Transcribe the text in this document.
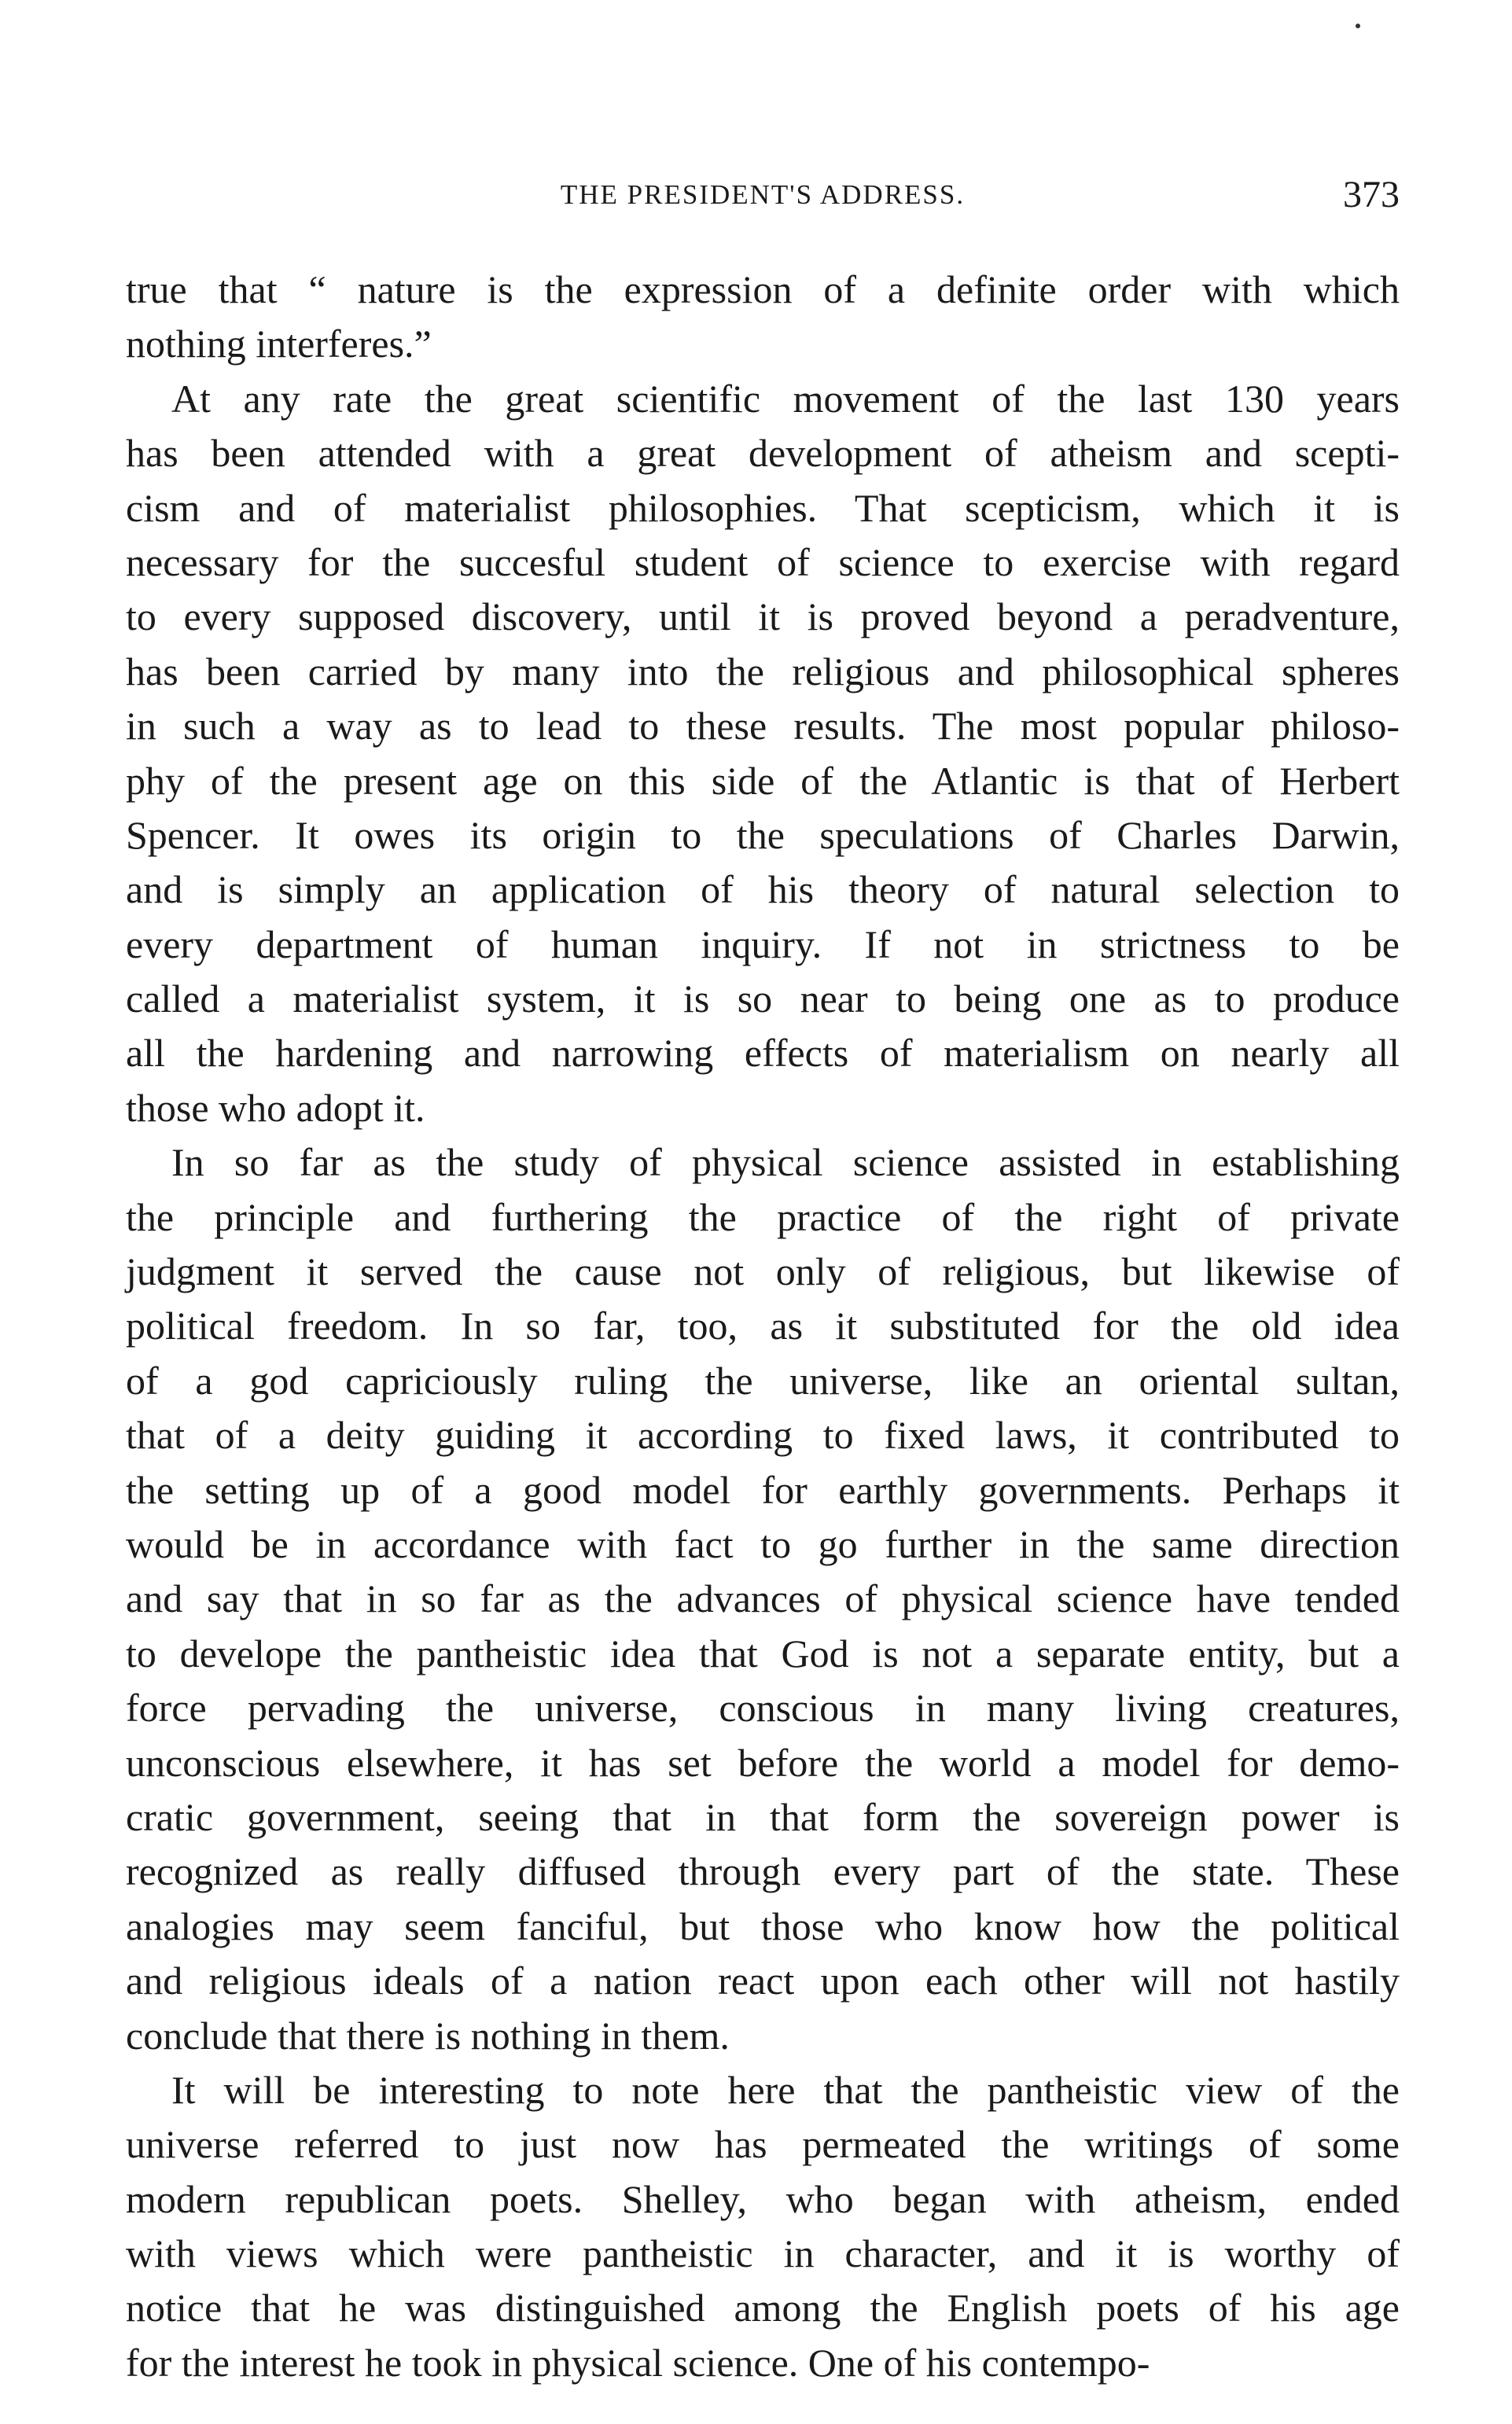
THE PRESIDENT'S ADDRESS.	373
true that “ nature is the expression of a definite order with which
nothing interferes.”
At any rate the great scientific movement of the last 130 years
has been attended with a great development of atheism and scepti-
cism and of materialist philosophies. That scepticism, which it is
necessary for the succesful student of science to exercise with regard
to every supposed discovery, until it is proved beyond a peradventure,
has been carried by many into the religious and philosophical spheres
in such a way as to lead to these results. The most popular philoso-
phy of the present age on this side of the Atlantic is that of Herbert
Spencer. It owes its origin to the speculations of Charles Darwin,
and is simply an application of his theory of natural selection to
every department of human inquiry. If not in strictness to be
called a materialist system, it is so near to being one as to produce
all the hardening and narrowing effects of materialism on nearly all
those who adopt it.
In so far as the study of physical science assisted in establishing
the principle and furthering the practice of the right of private
judgment it served the cause not only of religious, but likewise of
political freedom. In so far, too, as it substituted for the old idea
of a god capriciously ruling the universe, like an oriental sultan,
that of a deity guiding it according to fixed laws, it contributed to
the setting up of a good model for earthly governments. Perhaps it
would be in accordance with fact to go further in the same direction
and say that in so far as the advances of physical science have tended
to develope the pantheistic idea that God is not a separate entity, but a
force pervading the universe, conscious in many living creatures,
unconscious elsewhere, it has set before the world a model for demo-
cratic government, seeing that in that form the sovereign power is
recognized as really diffused through every part of the state. These
analogies may seem fanciful, but those who know how the political
and religious ideals of a nation react upon each other will not hastily
conclude that there is nothing in them.
It will be interesting to note here that the pantheistic view of the
universe referred to just now has permeated the writings of some
modern republican poets. Shelley, who began with atheism, ended
with views which were pantheistic in character, and it is worthy of
notice that he was distinguished among the English poets of his age
for the interest he took in physical science. One of his contempo-
